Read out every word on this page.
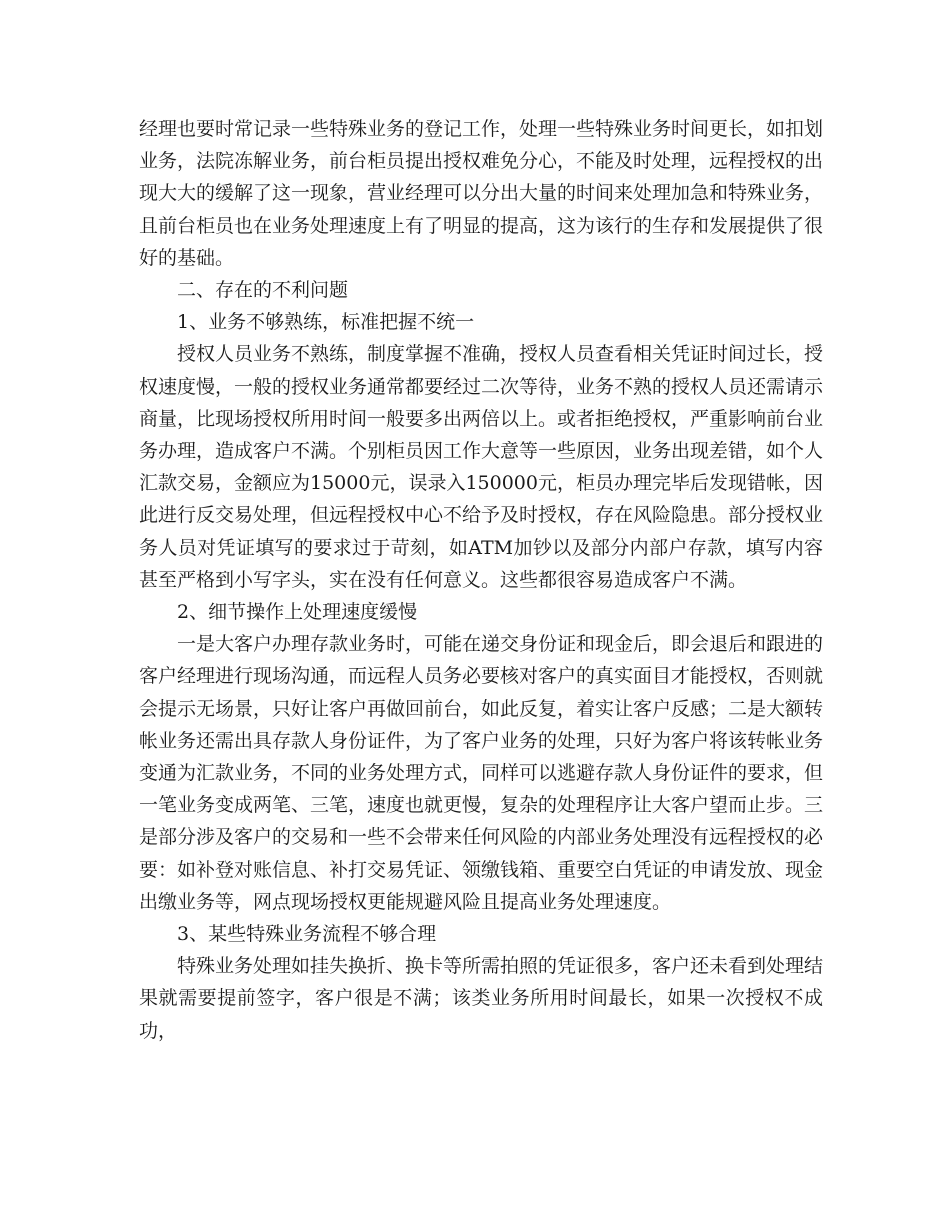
经理也要时常记录一些特殊业务的登记工作，处理一些特殊业务时间更长，如扣划业务，法院冻解业务，前台柜员提出授权难免分心，不能及时处理，远程授权的出现大大的缓解了这一现象，营业经理可以分出大量的时间来处理加急和特殊业务，且前台柜员也在业务处理速度上有了明显的提高，这为该行的生存和发展提供了很好的基础。

二、存在的不利问题

1、业务不够熟练，标准把握不统一

授权人员业务不熟练，制度掌握不准确，授权人员查看相关凭证时间过长，授权速度慢，一般的授权业务通常都要经过二次等待，业务不熟的授权人员还需请示商量，比现场授权所用时间一般要多出两倍以上。或者拒绝授权，严重影响前台业务办理，造成客户不满。个别柜员因工作大意等一些原因，业务出现差错，如个人汇款交易，金额应为15000元，误录入150000元，柜员办理完毕后发现错帐，因此进行反交易处理，但远程授权中心不给予及时授权，存在风险隐患。部分授权业务人员对凭证填写的要求过于苛刻，如ATM加钞以及部分内部户存款，填写内容甚至严格到小写字头，实在没有任何意义。这些都很容易造成客户不满。

2、细节操作上处理速度缓慢

一是大客户办理存款业务时，可能在递交身份证和现金后，即会退后和跟进的客户经理进行现场沟通，而远程人员务必要核对客户的真实面目才能授权，否则就会提示无场景，只好让客户再做回前台，如此反复，着实让客户反感；二是大额转帐业务还需出具存款人身份证件，为了客户业务的处理，只好为客户将该转帐业务变通为汇款业务，不同的业务处理方式，同样可以逃避存款人身份证件的要求，但一笔业务变成两笔、三笔，速度也就更慢，复杂的处理程序让大客户望而止步。三是部分涉及客户的交易和一些不会带来任何风险的内部业务处理没有远程授权的必要：如补登对账信息、补打交易凭证、领缴钱箱、重要空白凭证的申请发放、现金出缴业务等，网点现场授权更能规避风险且提高业务处理速度。

3、某些特殊业务流程不够合理

特殊业务处理如挂失换折、换卡等所需拍照的凭证很多，客户还未看到处理结果就需要提前签字，客户很是不满；该类业务所用时间最长，如果一次授权不成功，
